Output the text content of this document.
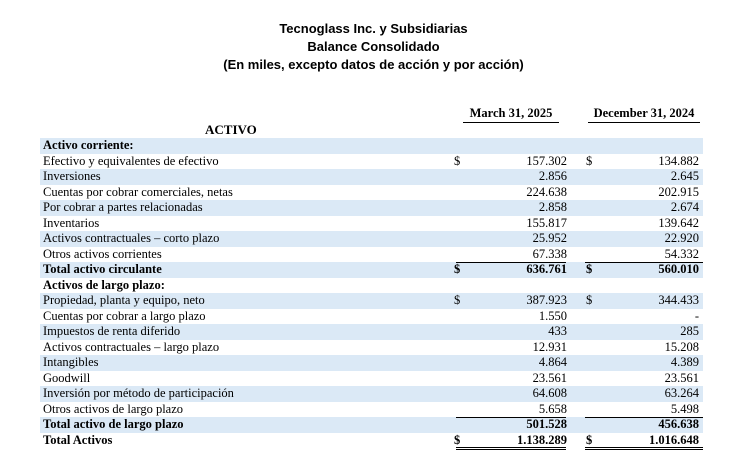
Tecnoglass Inc. y Subsidiarias
Balance Consolidado
(En miles, excepto datos de acción y por acción)
March 31, 2025	December 31, 2024
ACTIVO
Activo corriente:
Efectivo y equivalentes de efectivo	$	157.302 $	134.882
Inversiones	2.856	2.645
Cuentas por cobrar comerciales, netas	224.638	202.915
Por cobrar a partes relacionadas	2.858	2.674
Inventarios	155.817	139.642
Activos contractuales – corto plazo	25.952	22.920
Otros activos corrientes	67.338	54.332
Total activo circulante	$	636.761 $	560.010
Activos de largo plazo:
Propiedad, planta y equipo, neto	$	387.923 $	344.433
Cuentas por cobrar a largo plazo	1.550	-
Impuestos de renta diferido	433	285
Activos contractuales – largo plazo	12.931	15.208
Intangibles	4.864	4.389
Goodwill	23.561	23.561
Inversión por método de participación	64.608	63.264
Otros activos de largo plazo	5.658	5.498
Total activo de largo plazo	501.528	456.638
Total Activos	$	1.138.289 $	1.016.648
